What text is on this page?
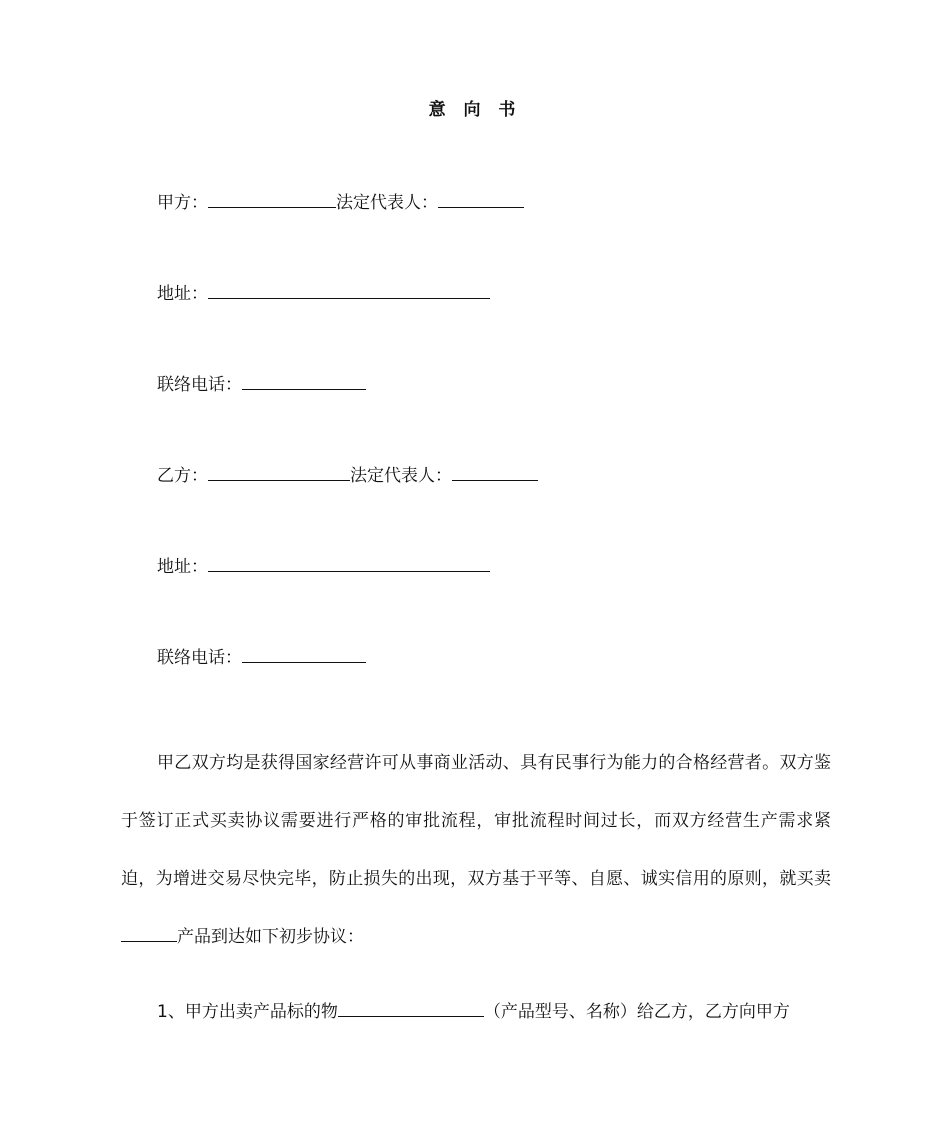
意 向 书
甲方：	法定代表人：
地址：
联络电话：
乙方：	法定代表人：
地址：
联络电话：
甲乙双方均是获得国家经营许可从事商业活动、具有民事行为能力的合格经营者。双方鉴于签订正式买卖协议需要进行严格的审批流程，审批流程时间过长，而双方经营生产需求紧迫，为增进交易尽快完毕，防止损失的出现，双方基于平等、自愿、诚实信用的原则，就买卖产品到达如下初步协议：
1、甲方出卖产品标的物	（产品型号、名称）给乙方，乙方向甲方
